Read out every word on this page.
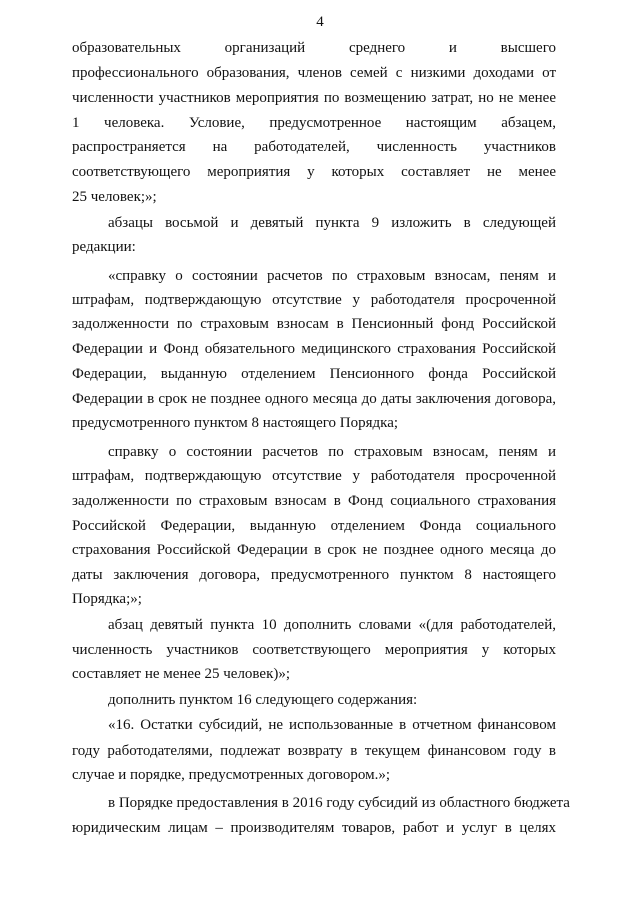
4
образовательных организаций среднего и высшего
профессионального образования, членов семей с низкими доходами от
численности участников мероприятия по возмещению затрат, но не менее
1 человека. Условие, предусмотренное настоящим абзацем,
распространяется на работодателей, численность участников
соответствующего мероприятия у которых составляет не менее
25 человек;»;
абзацы восьмой и девятый пункта 9 изложить в следующей
редакции:
«справку о состоянии расчетов по страховым взносам, пеням и
штрафам, подтверждающую отсутствие у работодателя просроченной
задолженности по страховым взносам в Пенсионный фонд Российской
Федерации и Фонд обязательного медицинского страхования Российской
Федерации, выданную отделением Пенсионного фонда Российской
Федерации в срок не позднее одного месяца до даты заключения договора,
предусмотренного пунктом 8 настоящего Порядка;
справку о состоянии расчетов по страховым взносам, пеням и
штрафам, подтверждающую отсутствие у работодателя просроченной
задолженности по страховым взносам в Фонд социального страхования
Российской Федерации, выданную отделением Фонда социального
страхования Российской Федерации в срок не позднее одного месяца до
даты заключения договора, предусмотренного пунктом 8 настоящего
Порядка;»;
абзац девятый пункта 10 дополнить словами «(для работодателей,
численность участников соответствующего мероприятия у которых
составляет не менее 25 человек)»;
дополнить пунктом 16 следующего содержания:
«16. Остатки субсидий, не использованные в отчетном финансовом
году работодателями, подлежат возврату в текущем финансовом году в
случае и порядке, предусмотренных договором.»;
в Порядке предоставления в 2016 году субсидий из областного бюджета
юридическим лицам – производителям товаров, работ и услуг в целях
